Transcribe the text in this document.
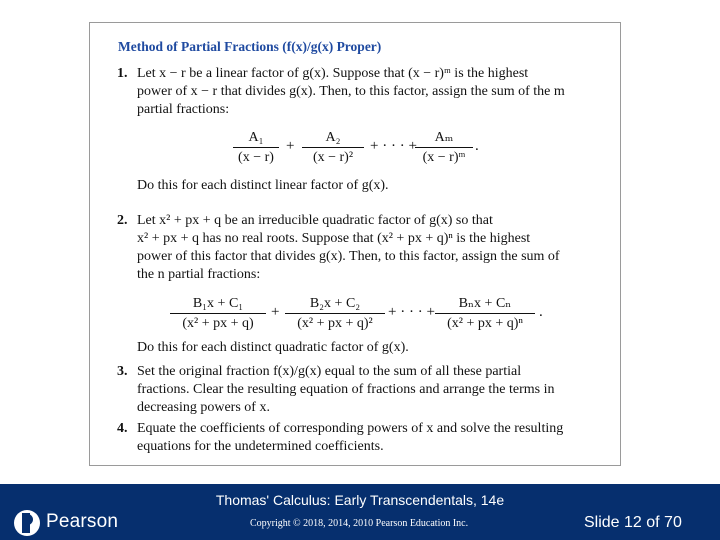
Method of Partial Fractions (f(x)/g(x) Proper)
1. Let x − r be a linear factor of g(x). Suppose that (x − r)ᵐ is the highest
power of x − r that divides g(x). Then, to this factor, assign the sum of the m
partial fractions:
A₁
(x − r)
+
A₂
(x − r)²
+ · · · +
Aₘ
(x − r)ᵐ
.
Do this for each distinct linear factor of g(x).
2. Let x² + px + q be an irreducible quadratic factor of g(x) so that
x² + px + q has no real roots. Suppose that (x² + px + q)ⁿ is the highest
power of this factor that divides g(x). Then, to this factor, assign the sum of
the n partial fractions:
B₁x + C₁
(x² + px + q)
+
B₂x + C₂
(x² + px + q)²
+ · · · +
Bₙx + Cₙ
(x² + px + q)ⁿ
.
Do this for each distinct quadratic factor of g(x).
3. Set the original fraction f(x)/g(x) equal to the sum of all these partial
fractions. Clear the resulting equation of fractions and arrange the terms in
decreasing powers of x.
4. Equate the coefficients of corresponding powers of x and solve the resulting
equations for the undetermined coefficients.
Pearson
Thomas' Calculus: Early Transcendentals, 14e
Copyright © 2018, 2014, 2010 Pearson Education Inc.	Slide 12 of 70
